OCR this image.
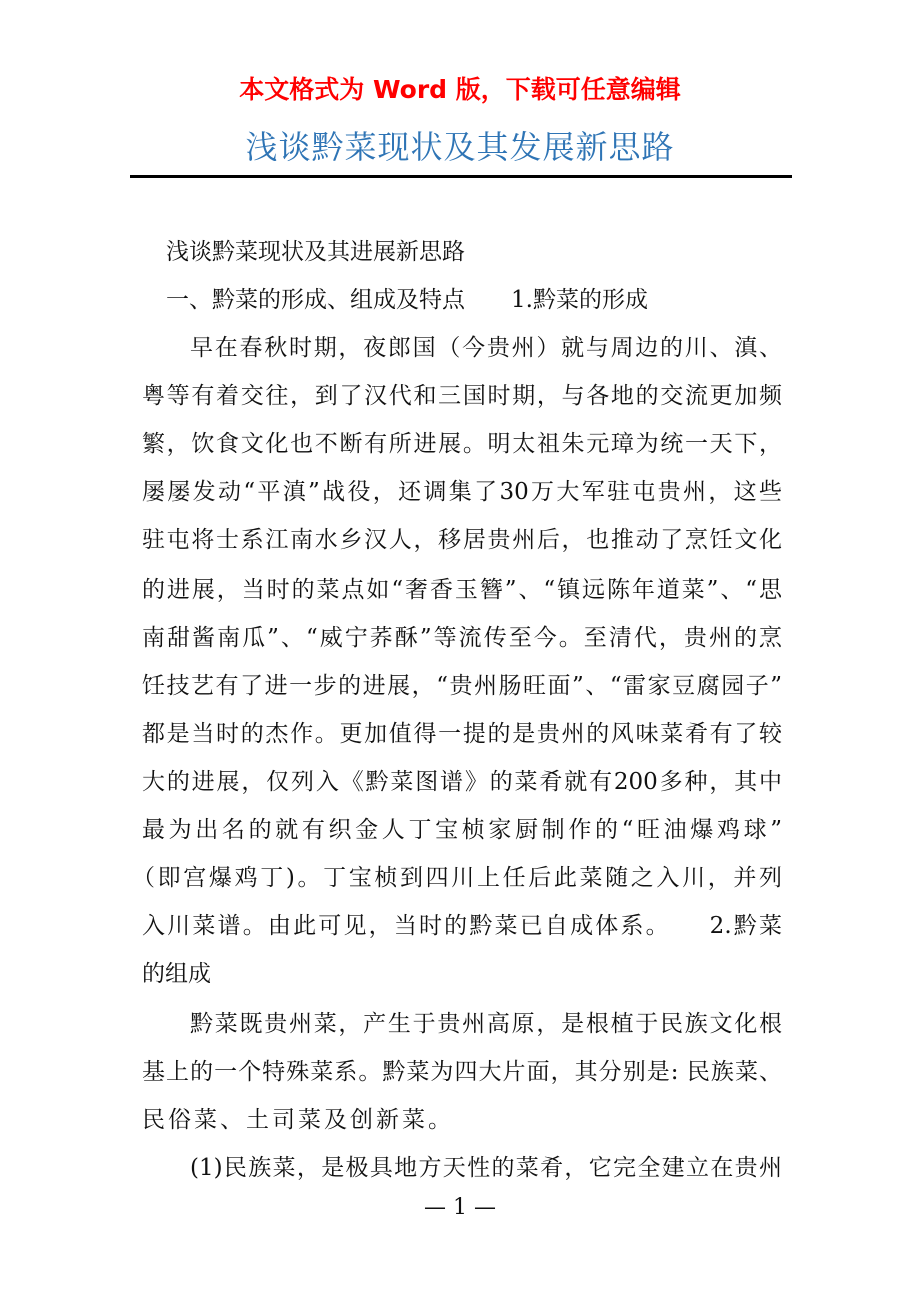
本文格式为 Word 版，下载可任意编辑
浅谈黔菜现状及其发展新思路
浅谈黔菜现状及其进展新思路
一、黔菜的形成、组成及特点　　1.黔菜的形成
早在春秋时期，夜郎国（今贵州）就与周边的川、滇、
粤等有着交往，到了汉代和三国时期，与各地的交流更加频
繁，饮食文化也不断有所进展。明太祖朱元璋为统一天下，
屡屡发动“平滇”战役，还调集了30万大军驻屯贵州，这些
驻屯将士系江南水乡汉人，移居贵州后，也推动了烹饪文化
的进展，当时的菜点如“奢香玉簪”、“镇远陈年道菜”、“思
南甜酱南瓜”、“威宁荞酥”等流传至今。至清代，贵州的烹
饪技艺有了进一步的进展，“贵州肠旺面”、“雷家豆腐园子”
都是当时的杰作。更加值得一提的是贵州的风味菜肴有了较
大的进展，仅列入《黔菜图谱》的菜肴就有200多种，其中
最为出名的就有织金人丁宝桢家厨制作的“旺油爆鸡球”
（即宫爆鸡丁)。丁宝桢到四川上任后此菜随之入川，并列
入川菜谱。由此可见，当时的黔菜已自成体系。　　2.黔菜
的组成
黔菜既贵州菜，产生于贵州高原，是根植于民族文化根
基上的一个特殊菜系。黔菜为四大片面，其分别是: 民族菜、
民俗菜、土司菜及创新菜。
(1)民族菜，是极具地方天性的菜肴，它完全建立在贵州
— 1 —
